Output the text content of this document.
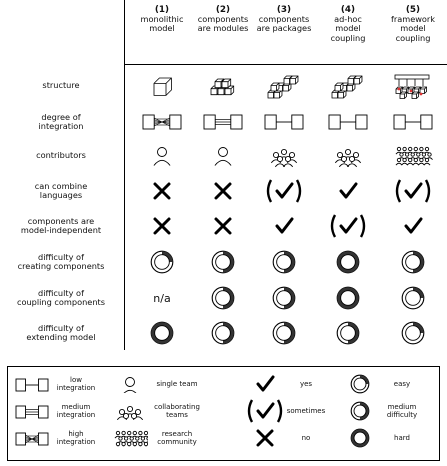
(1)
monolithic
model
(2)
components
are modules
(3)
components
are packages
(4)
ad-hoc
model
coupling
(5)
framework
model
coupling
structure
degree of
integration
contributors
can combine
languages
components are
model-independent
difficulty of
creating components
difficulty of
coupling components
difficulty of
extending model
n/a
low
integration
medium
integration
high
integration
single team
collaborating
teams
research
community
yes
sometimes
no
easy
medium
difficulty
hard
